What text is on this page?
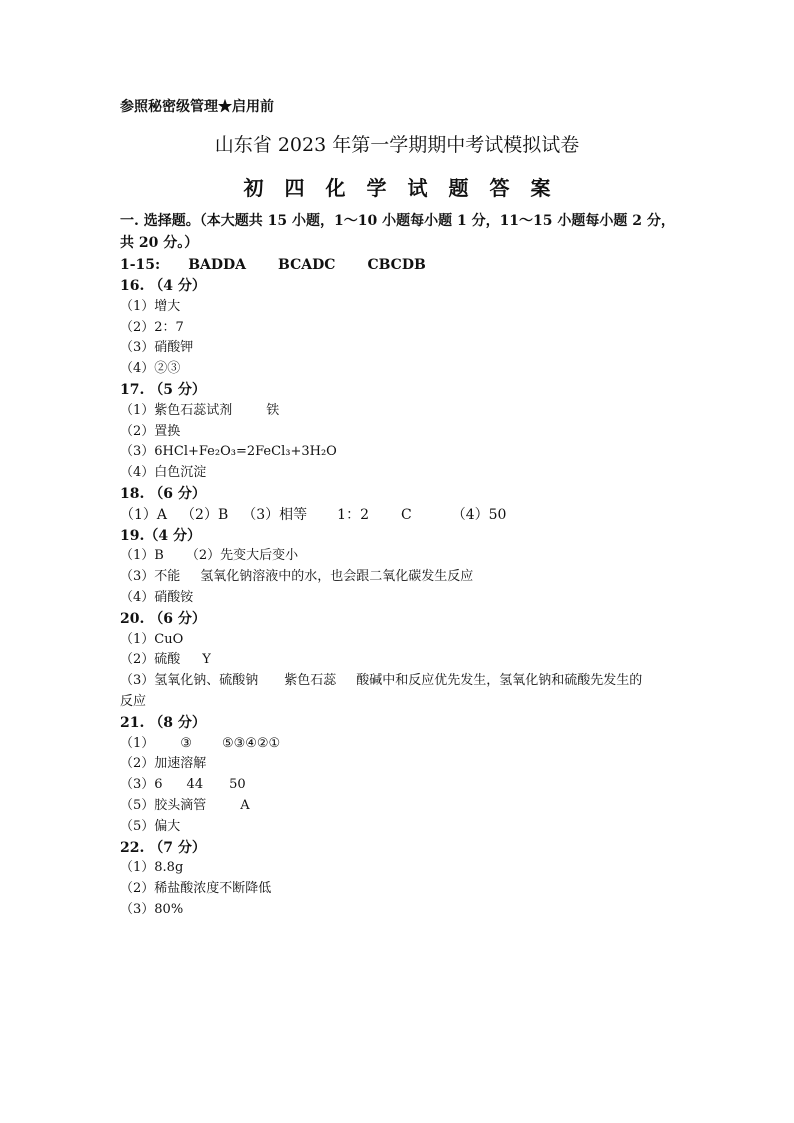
参照秘密级管理★启用前
山东省 2023 年第一学期期中考试模拟试卷
初四化学试题答案
一. 选择题。（本大题共 15 小题，1～10 小题每小题 1 分，11～15 小题每小题 2 分，共 20 分。）
1-15: BADDA BCADC CBCDB
16. （4 分）
（1）增大
（2）2：7
（3）硝酸钾
（4）②③
17. （5 分）
（1）紫色石蕊试剂	铁
（2）置换
（3）6HCl+Fe₂O₃=2FeCl₃+3H₂O
（4）白色沉淀
18. （6 分）
（1）A （2）B （3）相等 1：2 C	（4）50
19.（4 分）
（1）B （2）先变大后变小
（3）不能 氢氧化钠溶液中的水，也会跟二氧化碳发生反应
（4）硝酸铵
20. （6 分）
（1）CuO
（2）硫酸 Y
（3）氢氧化钠、硫酸钠 紫色石蕊 酸碱中和反应优先发生，氢氧化钠和硫酸先发生的
反应
21. （8 分）
（1） ③ ⑤③④②①
（2）加速溶解
（3）6 44 50
（5）胶头滴管	A
（5）偏大
22. （7 分）
（1）8.8g
（2）稀盐酸浓度不断降低
（3）80%
